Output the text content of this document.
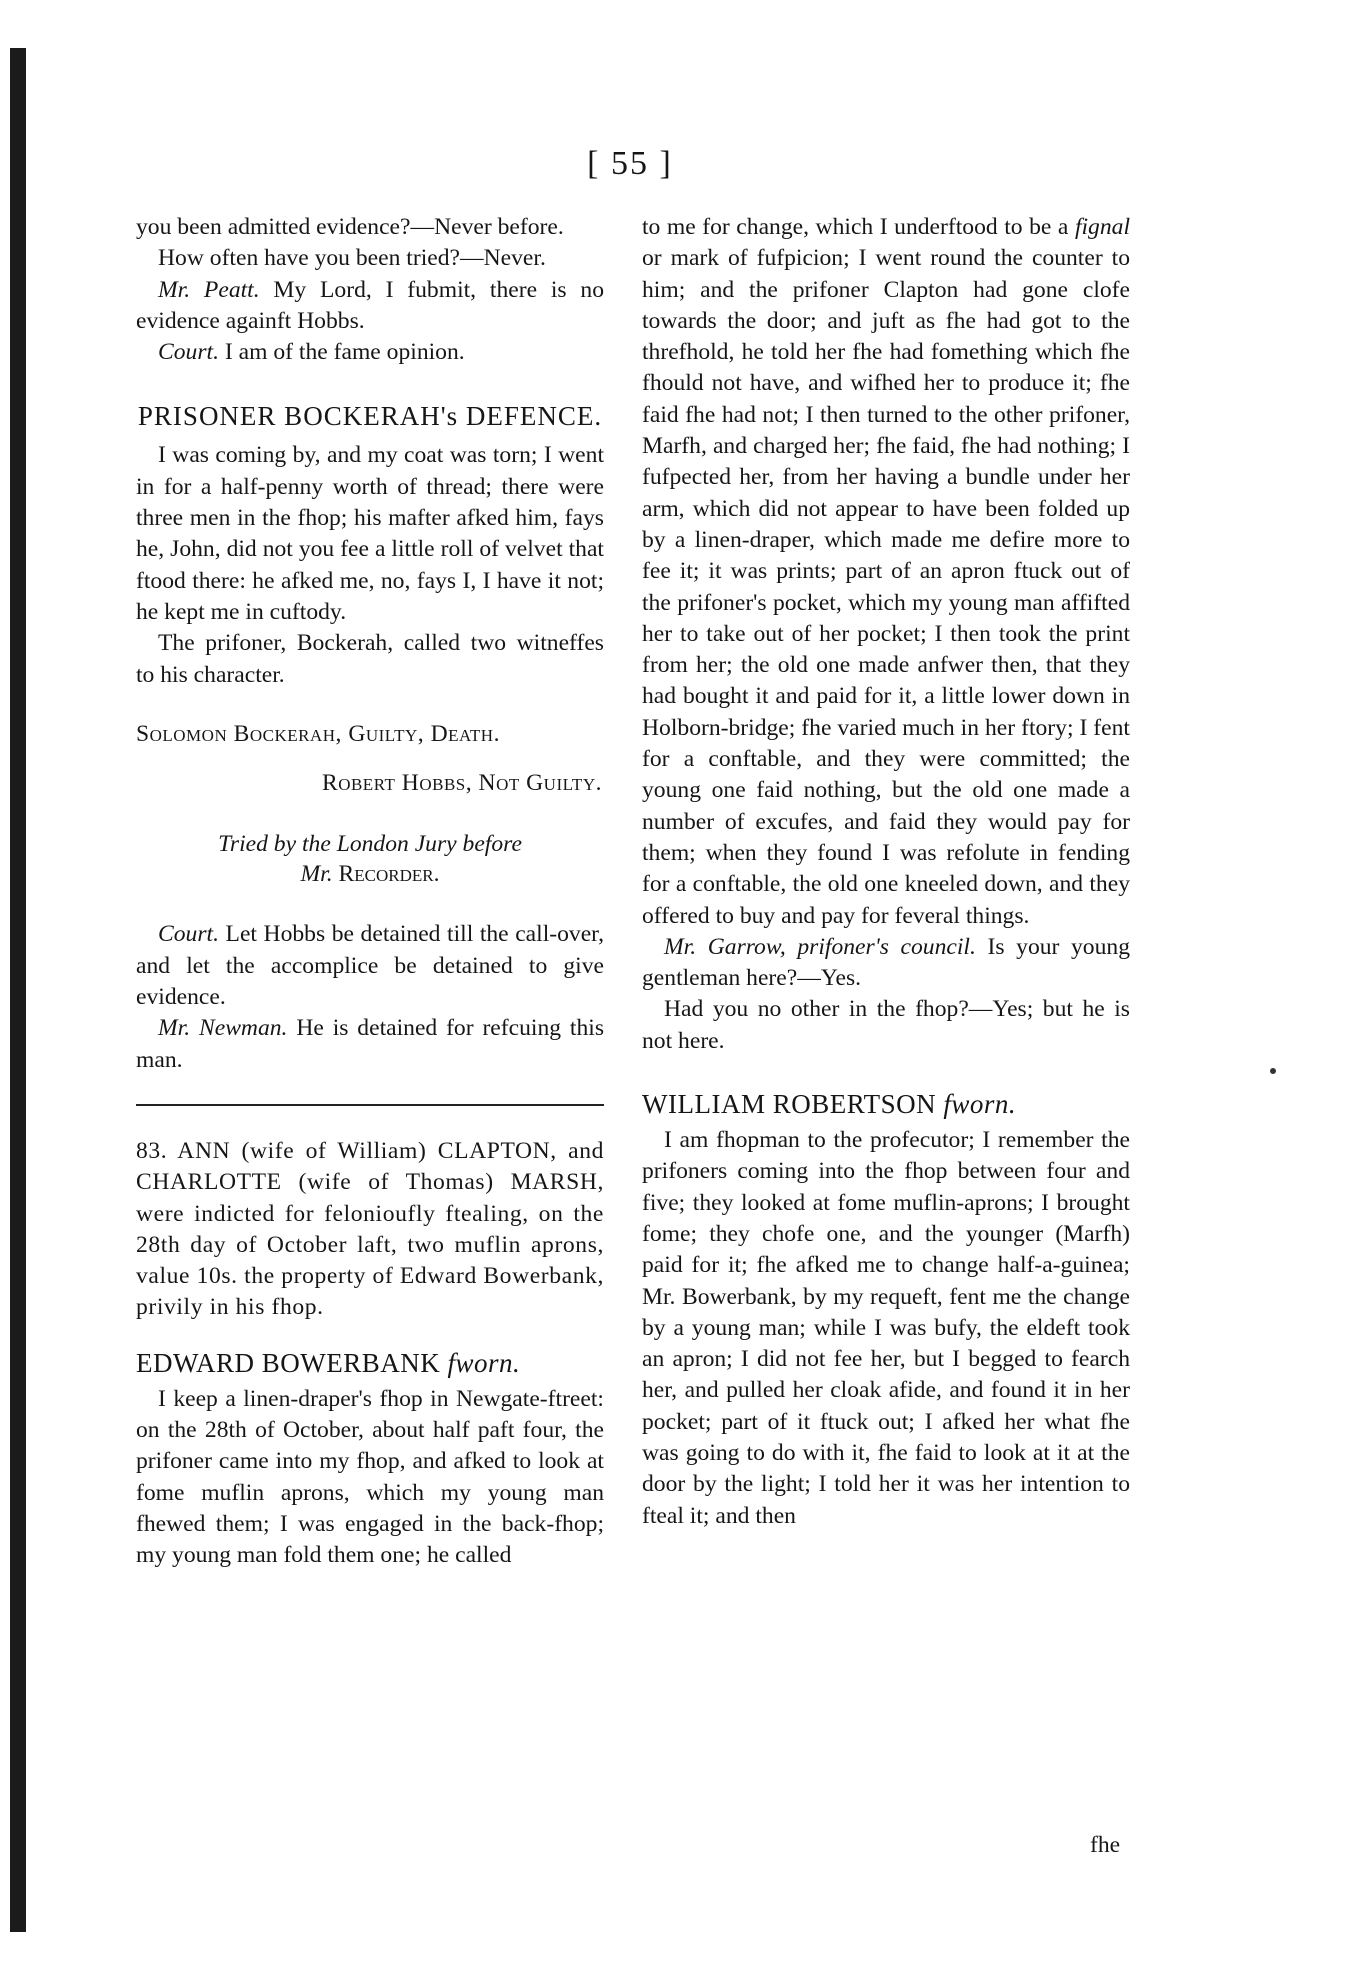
[ 55 ]

you been admitted evidence?—Never before.

How often have you been tried?—Never.

Mr. Peatt. My Lord, I fubmit, there is no evidence againft Hobbs.

Court. I am of the fame opinion.

PRISONER BOCKERAH's DEFENCE.

I was coming by, and my coat was torn; I went in for a half-penny worth of thread; there were three men in the fhop; his mafter afked him, fays he, John, did not you fee a little roll of velvet that ftood there: he afked me, no, fays I, I have it not; he kept me in cuftody.

The prifoner, Bockerah, called two witneffes to his character.

Solomon Bockerah, Guilty, Death.
Robert Hobbs, Not Guilty.
Tried by the London Jury before
Mr. Recorder.

Court. Let Hobbs be detained till the call-over, and let the accomplice be detained to give evidence.

Mr. Newman. He is detained for refcuing this man.

83. ANN (wife of William) CLAPTON, and CHARLOTTE (wife of Thomas) MARSH, were indicted for felonioufly ftealing, on the 28th day of October laft, two muflin aprons, value 10s. the property of Edward Bowerbank, privily in his fhop.

EDWARD BOWERBANK fworn.

I keep a linen-draper's fhop in Newgate-ftreet: on the 28th of October, about half paft four, the prifoner came into my fhop, and afked to look at fome muflin aprons, which my young man fhewed them; I was engaged in the back-fhop; my young man fold them one; he called

to me for change, which I underftood to be a fignal or mark of fufpicion; I went round the counter to him; and the prifoner Clapton had gone clofe towards the door; and juft as fhe had got to the threfhold, he told her fhe had fomething which fhe fhould not have, and wifhed her to produce it; fhe faid fhe had not; I then turned to the other prifoner, Marfh, and charged her; fhe faid, fhe had nothing; I fufpected her, from her having a bundle under her arm, which did not appear to have been folded up by a linen-draper, which made me defire more to fee it; it was prints; part of an apron ftuck out of the prifoner's pocket, which my young man affifted her to take out of her pocket; I then took the print from her; the old one made anfwer then, that they had bought it and paid for it, a little lower down in Holborn-bridge; fhe varied much in her ftory; I fent for a conftable, and they were committed; the young one faid nothing, but the old one made a number of excufes, and faid they would pay for them; when they found I was refolute in fending for a conftable, the old one kneeled down, and they offered to buy and pay for feveral things.

Mr. Garrow, prifoner's council. Is your young gentleman here?—Yes.

Had you no other in the fhop?—Yes; but he is not here.

WILLIAM ROBERTSON fworn.

I am fhopman to the profecutor; I remember the prifoners coming into the fhop between four and five; they looked at fome muflin-aprons; I brought fome; they chofe one, and the younger (Marfh) paid for it; fhe afked me to change half-a-guinea; Mr. Bowerbank, by my requeft, fent me the change by a young man; while I was bufy, the eldeft took an apron; I did not fee her, but I begged to fearch her, and pulled her cloak afide, and found it in her pocket; part of it ftuck out; I afked her what fhe was going to do with it, fhe faid to look at it at the door by the light; I told her it was her intention to fteal it; and then

fhe
